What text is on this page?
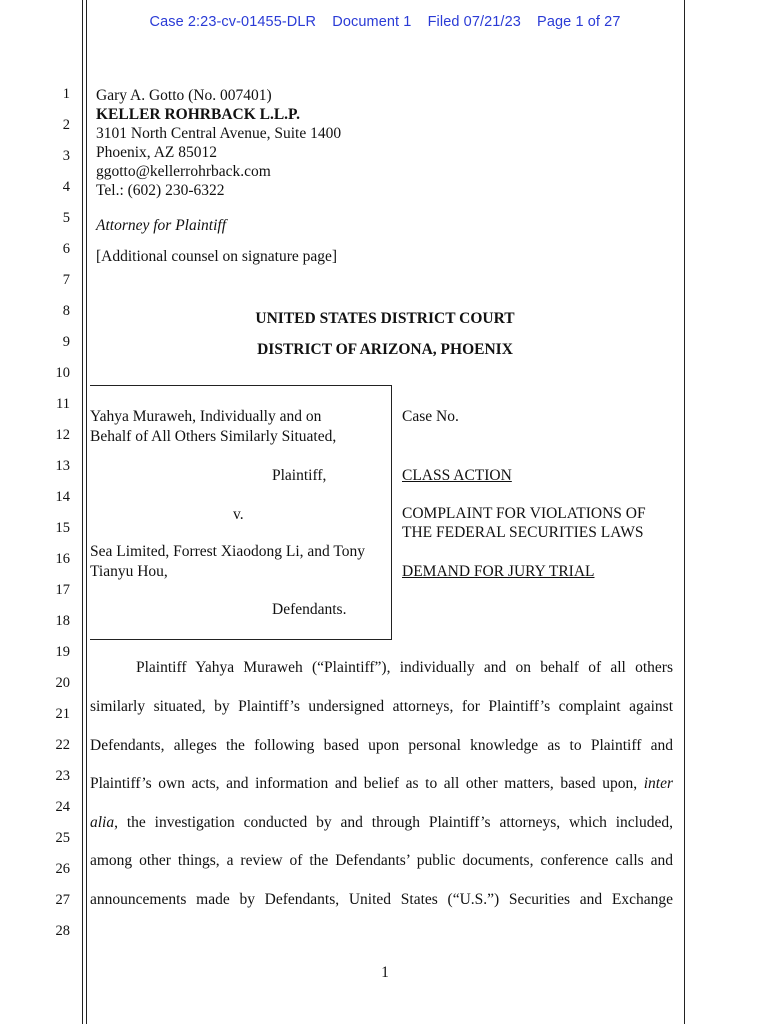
Case 2:23-cv-01455-DLR Document 1 Filed 07/21/23 Page 1 of 27
1
2
3
4
5
6
7
8
9
10
11
12
13
14
15
16
17
18
19
20
21
22
23
24
25
26
27
28
Gary A. Gotto (No. 007401)
KELLER ROHRBACK L.L.P.
3101 North Central Avenue, Suite 1400
Phoenix, AZ 85012
ggotto@kellerrohrback.com
Tel.: (602) 230-6322
Attorney for Plaintiff
[Additional counsel on signature page]
UNITED STATES DISTRICT COURT
DISTRICT OF ARIZONA, PHOENIX
Yahya Muraweh, Individually and on
Behalf of All Others Similarly Situated,
Plaintiff,
v.
Sea Limited, Forrest Xiaodong Li, and Tony
Tianyu Hou,
Defendants.
Case No.
CLASS ACTION
COMPLAINT FOR VIOLATIONS OF
THE FEDERAL SECURITIES LAWS
DEMAND FOR JURY TRIAL
Plaintiff Yahya Muraweh (“Plaintiff”), individually and on behalf of all others
similarly situated, by Plaintiff’s undersigned attorneys, for Plaintiff’s complaint against
Defendants, alleges the following based upon personal knowledge as to Plaintiff and
Plaintiff’s own acts, and information and belief as to all other matters, based upon, inter
alia, the investigation conducted by and through Plaintiff’s attorneys, which included,
among other things, a review of the Defendants’ public documents, conference calls and
announcements made by Defendants, United States (“U.S.”) Securities and Exchange
1
